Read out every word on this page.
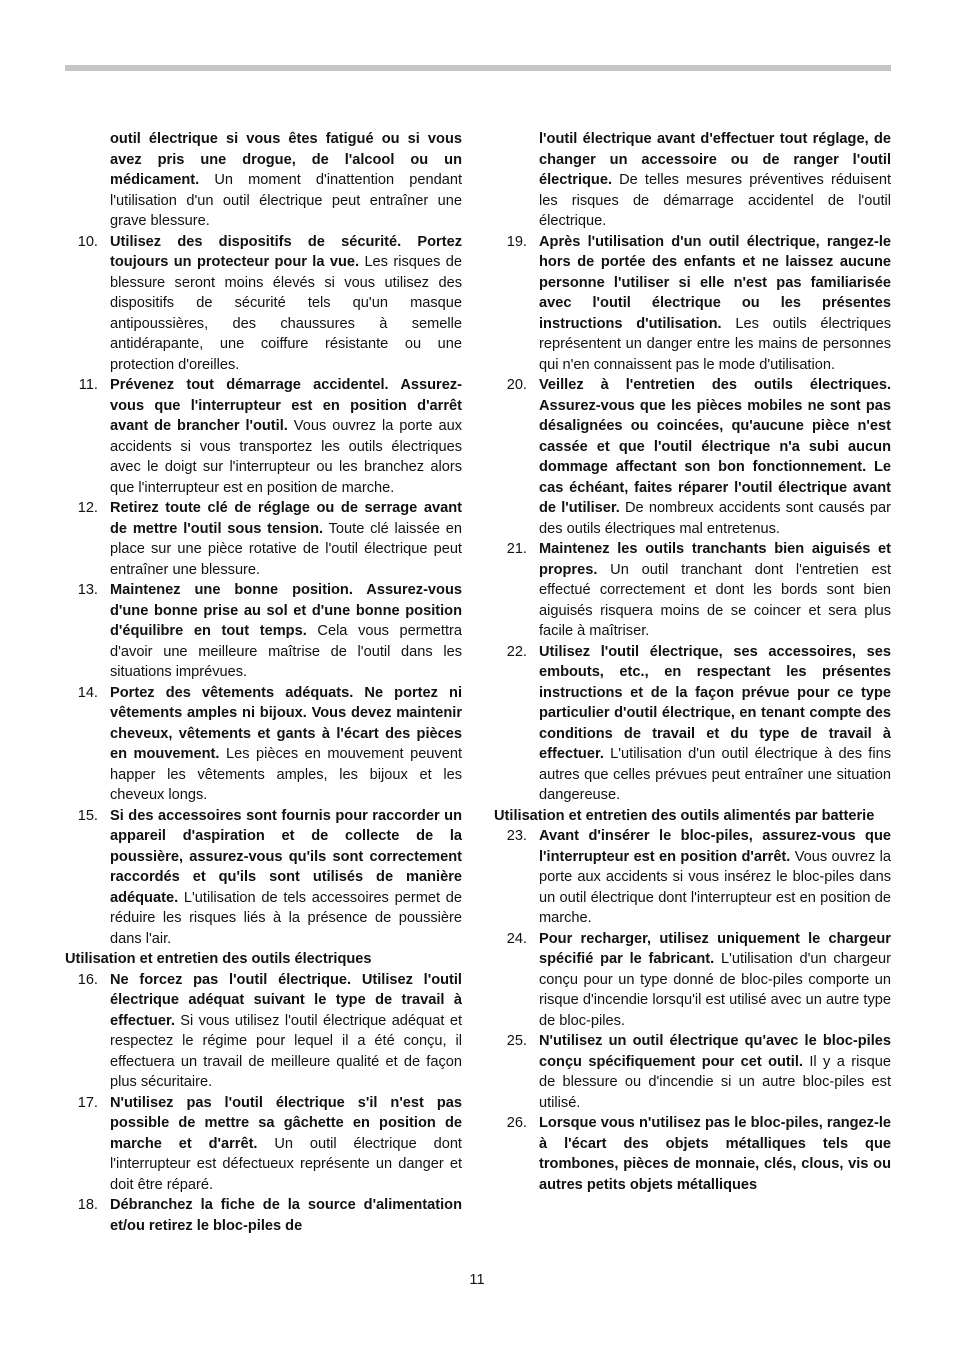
outil électrique si vous êtes fatigué ou si vous avez pris une drogue, de l'alcool ou un médicament. Un moment d'inattention pendant l'utilisation d'un outil électrique peut entraîner une grave blessure.
10. Utilisez des dispositifs de sécurité. Portez toujours un protecteur pour la vue. Les risques de blessure seront moins élevés si vous utilisez des dispositifs de sécurité tels qu'un masque antipoussières, des chaussures à semelle antidérapante, une coiffure résistante ou une protection d'oreilles.
11. Prévenez tout démarrage accidentel. Assurez-vous que l'interrupteur est en position d'arrêt avant de brancher l'outil. Vous ouvrez la porte aux accidents si vous transportez les outils électriques avec le doigt sur l'interrupteur ou les branchez alors que l'interrupteur est en position de marche.
12. Retirez toute clé de réglage ou de serrage avant de mettre l'outil sous tension. Toute clé laissée en place sur une pièce rotative de l'outil électrique peut entraîner une blessure.
13. Maintenez une bonne position. Assurez-vous d'une bonne prise au sol et d'une bonne position d'équilibre en tout temps. Cela vous permettra d'avoir une meilleure maîtrise de l'outil dans les situations imprévues.
14. Portez des vêtements adéquats. Ne portez ni vêtements amples ni bijoux. Vous devez maintenir cheveux, vêtements et gants à l'écart des pièces en mouvement. Les pièces en mouvement peuvent happer les vêtements amples, les bijoux et les cheveux longs.
15. Si des accessoires sont fournis pour raccorder un appareil d'aspiration et de collecte de la poussière, assurez-vous qu'ils sont correctement raccordés et qu'ils sont utilisés de manière adéquate. L'utilisation de tels accessoires permet de réduire les risques liés à la présence de poussière dans l'air.
Utilisation et entretien des outils électriques
16. Ne forcez pas l'outil électrique. Utilisez l'outil électrique adéquat suivant le type de travail à effectuer. Si vous utilisez l'outil électrique adéquat et respectez le régime pour lequel il a été conçu, il effectuera un travail de meilleure qualité et de façon plus sécuritaire.
17. N'utilisez pas l'outil électrique s'il n'est pas possible de mettre sa gâchette en position de marche et d'arrêt. Un outil électrique dont l'interrupteur est défectueux représente un danger et doit être réparé.
18. Débranchez la fiche de la source d'alimentation et/ou retirez le bloc-piles de
l'outil électrique avant d'effectuer tout réglage, de changer un accessoire ou de ranger l'outil électrique. De telles mesures préventives réduisent les risques de démarrage accidentel de l'outil électrique.
19. Après l'utilisation d'un outil électrique, rangez-le hors de portée des enfants et ne laissez aucune personne l'utiliser si elle n'est pas familiarisée avec l'outil électrique ou les présentes instructions d'utilisation. Les outils électriques représentent un danger entre les mains de personnes qui n'en connaissent pas le mode d'utilisation.
20. Veillez à l'entretien des outils électriques. Assurez-vous que les pièces mobiles ne sont pas désalignées ou coincées, qu'aucune pièce n'est cassée et que l'outil électrique n'a subi aucun dommage affectant son bon fonctionnement. Le cas échéant, faites réparer l'outil électrique avant de l'utiliser. De nombreux accidents sont causés par des outils électriques mal entretenus.
21. Maintenez les outils tranchants bien aiguisés et propres. Un outil tranchant dont l'entretien est effectué correctement et dont les bords sont bien aiguisés risquera moins de se coincer et sera plus facile à maîtriser.
22. Utilisez l'outil électrique, ses accessoires, ses embouts, etc., en respectant les présentes instructions et de la façon prévue pour ce type particulier d'outil électrique, en tenant compte des conditions de travail et du type de travail à effectuer. L'utilisation d'un outil électrique à des fins autres que celles prévues peut entraîner une situation dangereuse.
Utilisation et entretien des outils alimentés par batterie
23. Avant d'insérer le bloc-piles, assurez-vous que l'interrupteur est en position d'arrêt. Vous ouvrez la porte aux accidents si vous insérez le bloc-piles dans un outil électrique dont l'interrupteur est en position de marche.
24. Pour recharger, utilisez uniquement le chargeur spécifié par le fabricant. L'utilisation d'un chargeur conçu pour un type donné de bloc-piles comporte un risque d'incendie lorsqu'il est utilisé avec un autre type de bloc-piles.
25. N'utilisez un outil électrique qu'avec le bloc-piles conçu spécifiquement pour cet outil. Il y a risque de blessure ou d'incendie si un autre bloc-piles est utilisé.
26. Lorsque vous n'utilisez pas le bloc-piles, rangez-le à l'écart des objets métalliques tels que trombones, pièces de monnaie, clés, clous, vis ou autres petits objets métalliques
11
